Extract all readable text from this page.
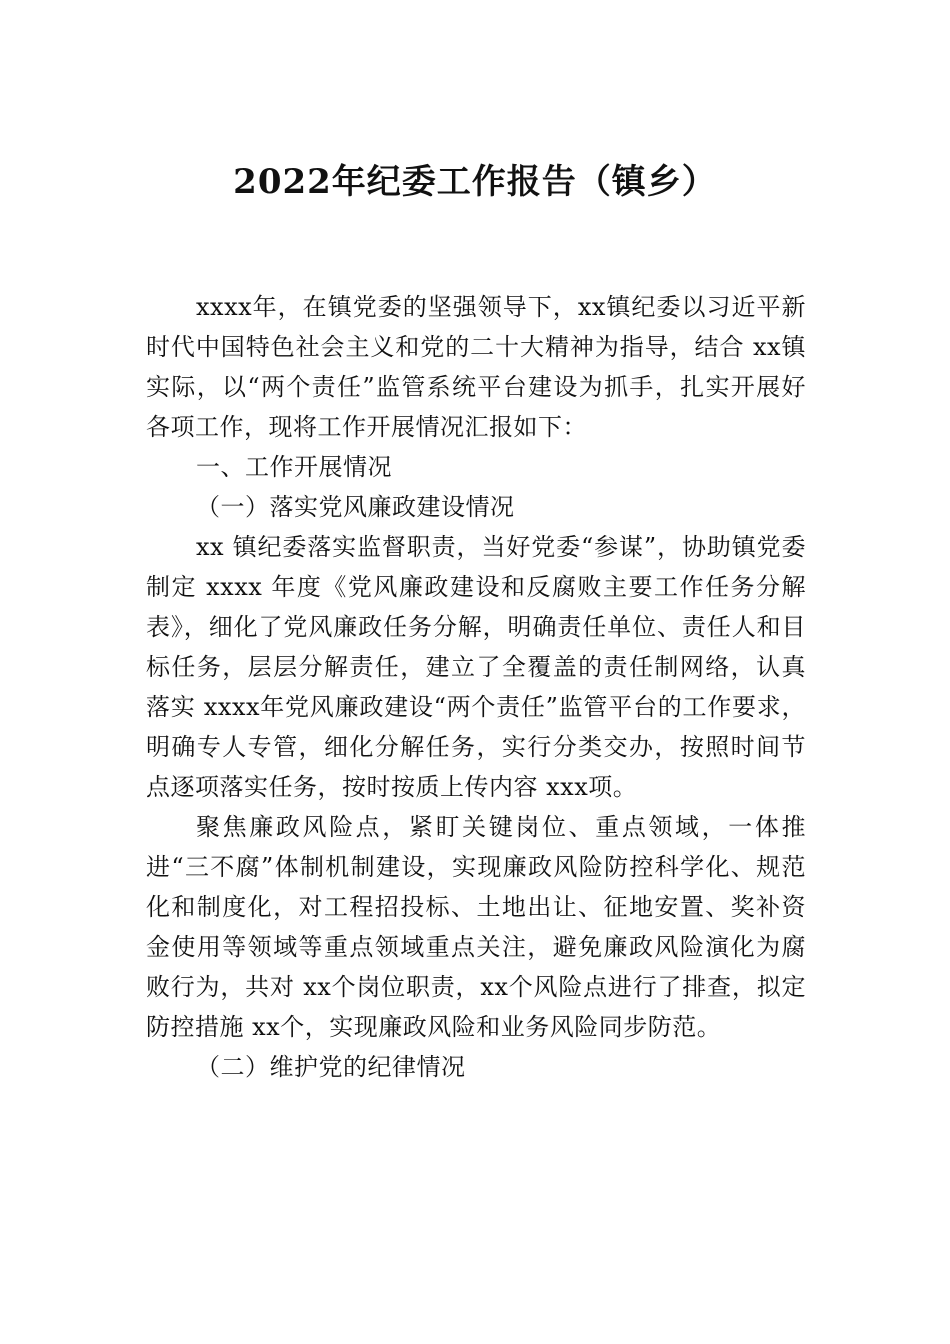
2022年纪委工作报告（镇乡）

xxxx年，在镇党委的坚强领导下，xx镇纪委以习近平新时代中国特色社会主义和党的二十大精神为指导，结合 xx镇实际，以“两个责任”监管系统平台建设为抓手，扎实开展好各项工作，现将工作开展情况汇报如下：

一、工作开展情况

（一）落实党风廉政建设情况

xx 镇纪委落实监督职责，当好党委“参谋”，协助镇党委制定 xxxx 年度《党风廉政建设和反腐败主要工作任务分解表》，细化了党风廉政任务分解，明确责任单位、责任人和目标任务，层层分解责任，建立了全覆盖的责任制网络，认真落实 xxxx年党风廉政建设“两个责任”监管平台的工作要求，明确专人专管，细化分解任务，实行分类交办，按照时间节点逐项落实任务，按时按质上传内容 xxx项。

聚焦廉政风险点，紧盯关键岗位、重点领域，一体推进“三不腐”体制机制建设，实现廉政风险防控科学化、规范化和制度化，对工程招投标、土地出让、征地安置、奖补资金使用等领域等重点领域重点关注，避免廉政风险演化为腐败行为，共对 xx个岗位职责，xx个风险点进行了排查，拟定防控措施 xx个，实现廉政风险和业务风险同步防范。

（二）维护党的纪律情况
